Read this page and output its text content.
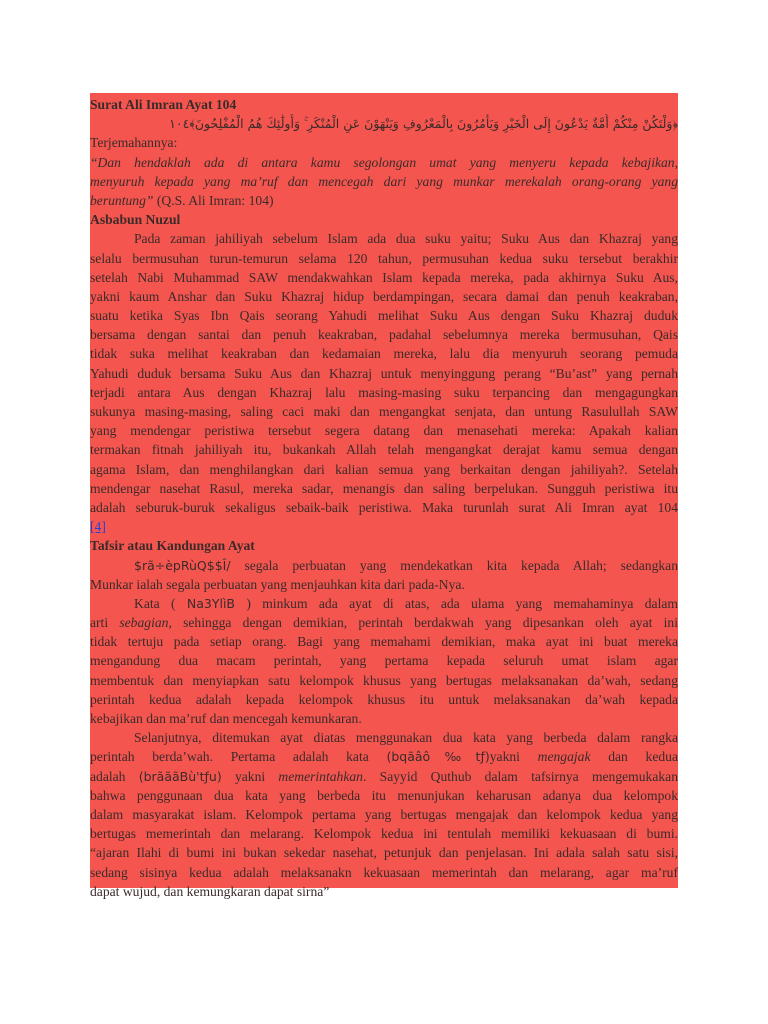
Surat Ali Imran Ayat 104
﴿وَلْتَكُنْ مِنْكُمْ أُمَّةٌ يَدْعُونَ إِلَى الْخَيْرِ وَيَأْمُرُونَ بِالْمَعْرُوفِ وَيَنْهَوْنَ عَنِ الْمُنْكَرِ ۚ وَأُولَٰئِكَ هُمُ الْمُفْلِحُونَ﴾١٠٤
Terjemahannya:
“Dan hendaklah ada di antara kamu segolongan umat yang menyeru kepada kebajikan,
menyuruh kepada yang ma’ruf dan mencegah dari yang munkar merekalah orang-orang yang
beruntung” (Q.S. Ali Imran: 104)
Asbabun Nuzul
Pada zaman jahiliyah sebelum Islam ada dua suku yaitu; Suku Aus dan Khazraj yang
selalu bermusuhan turun-temurun selama 120 tahun, permusuhan kedua suku tersebut berakhir
setelah Nabi Muhammad SAW mendakwahkan Islam kepada mereka, pada akhirnya Suku Aus,
yakni kaum Anshar dan Suku Khazraj hidup berdampingan, secara damai dan penuh keakraban,
suatu ketika Syas Ibn Qais seorang Yahudi melihat Suku Aus dengan Suku Khazraj duduk
bersama dengan santai dan penuh keakraban, padahal sebelumnya mereka bermusuhan, Qais
tidak suka melihat keakraban dan kedamaian mereka, lalu dia menyuruh seorang pemuda
Yahudi duduk bersama Suku Aus dan Khazraj untuk menyinggung perang “Bu’ast” yang pernah
terjadi antara Aus dengan Khazraj lalu masing-masing suku terpancing dan mengagungkan
sukunya masing-masing, saling caci maki dan mengangkat senjata, dan untung Rasulullah SAW
yang mendengar peristiwa tersebut segera datang dan menasehati mereka: Apakah kalian
termakan fitnah jahiliyah itu, bukankah Allah telah mengangkat derajat kamu semua dengan
agama Islam, dan menghilangkan dari kalian semua yang berkaitan dengan jahiliyah?. Setelah
mendengar nasehat Rasul, mereka sadar, menangis dan saling berpelukan. Sungguh peristiwa itu
adalah seburuk-buruk sekaligus sebaik-baik peristiwa. Maka turunlah surat Ali Imran ayat 104
[4]
Tafsir atau Kandungan Ayat
$rã÷èpRùQ$$Î/ segala perbuatan yang mendekatkan kita kepada Allah; sedangkan
Munkar ialah segala perbuatan yang menjauhkan kita dari pada-Nya.
Kata ( Na3YlìB ) minkum ada ayat di atas, ada ulama yang memahaminya dalam
arti sebagian, sehingga dengan demikian, perintah berdakwah yang dipesankan oleh ayat ini
tidak tertuju pada setiap orang. Bagi yang memahami demikian, maka ayat ini buat mereka
mengandung dua macam perintah, yang pertama kepada seluruh umat islam agar
membentuk dan menyiapkan satu kelompok khusus yang bertugas melaksanakan da’wah, sedang
perintah kedua adalah kepada kelompok khusus itu untuk melaksanakan da’wah kepada
kebajikan dan ma’ruf dan mencegah kemunkaran.
Selanjutnya, ditemukan ayat diatas menggunakan dua kata yang berbeda dalam rangka
perintah berda’wah. Pertama adalah kata (bqãâô‰tƒ)yakni mengajak dan kedua
adalah (brãããBù'tƒu) yakni memerintahkan. Sayyid Quthub dalam tafsirnya mengemukakan
bahwa penggunaan dua kata yang berbeda itu menunjukan keharusan adanya dua kelompok
dalam masyarakat islam. Kelompok pertama yang bertugas mengajak dan kelompok kedua yang
bertugas memerintah dan melarang. Kelompok kedua ini tentulah memiliki kekuasaan di bumi.
“ajaran Ilahi di bumi ini bukan sekedar nasehat, petunjuk dan penjelasan. Ini adala salah satu sisi,
sedang sisinya kedua adalah melaksanakn kekuasaan memerintah dan melarang, agar ma’ruf
dapat wujud, dan kemungkaran dapat sirna”
